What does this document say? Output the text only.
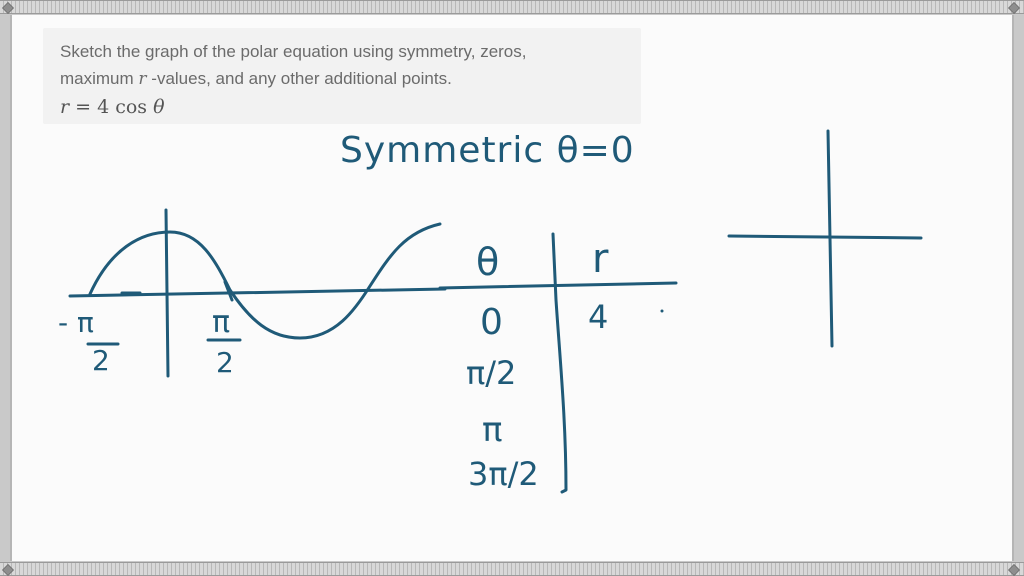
Sketch the graph of the polar equation using symmetry, zeros,
maximum r -values, and any other additional points.
r = 4 cos θ
Symmetric θ=0
- π
2
π
2
θ r
0
π/2
π
3π/2
4
